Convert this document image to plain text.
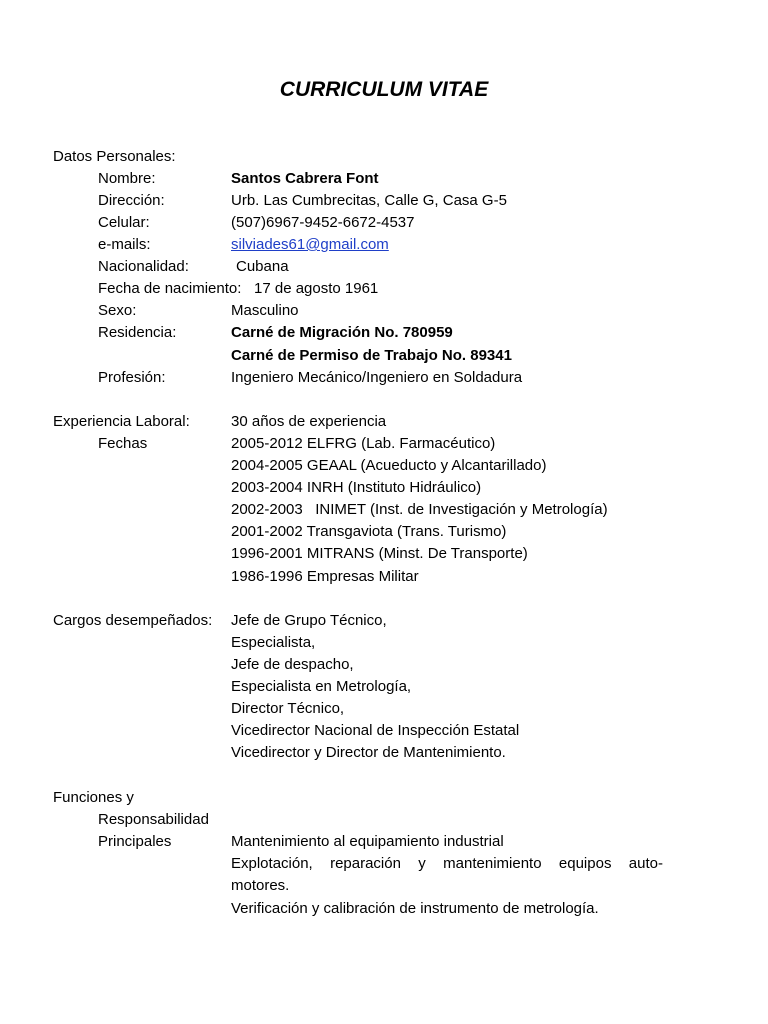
CURRICULUM VITAE
Datos Personales:
Nombre:	Santos Cabrera Font
Dirección:	Urb. Las Cumbrecitas, Calle G, Casa G-5
Celular:	(507)6967-9452-6672-4537
e-mails:	silviades61@gmail.com
Nacionalidad:	Cubana
Fecha de nacimiento: 17 de agosto 1961
Sexo:	Masculino
Residencia:	Carné de Migración No. 780959
Carné de Permiso de Trabajo No. 89341
Profesión:	Ingeniero Mecánico/Ingeniero en Soldadura
Experiencia Laboral:	30 años de experiencia
Fechas	2005-2012 ELFRG (Lab. Farmacéutico)
2004-2005 GEAAL (Acueducto y Alcantarillado)
2003-2004 INRH (Instituto Hidráulico)
2002-2003   INIMET (Inst. de Investigación y Metrología)
2001-2002 Transgaviota (Trans. Turismo)
1996-2001 MITRANS (Minst. De Transporte)
1986-1996 Empresas Militar
Cargos desempeñados: Jefe de Grupo Técnico,
Especialista,
Jefe de despacho,
Especialista en Metrología,
Director Técnico,
Vicedirector Nacional de Inspección Estatal
Vicedirector y Director de Mantenimiento.
Funciones y
Responsabilidad
Principales	Mantenimiento al equipamiento industrial
Explotación, reparación y mantenimiento equipos auto-
motores.
Verificación y calibración de instrumento de metrología.
